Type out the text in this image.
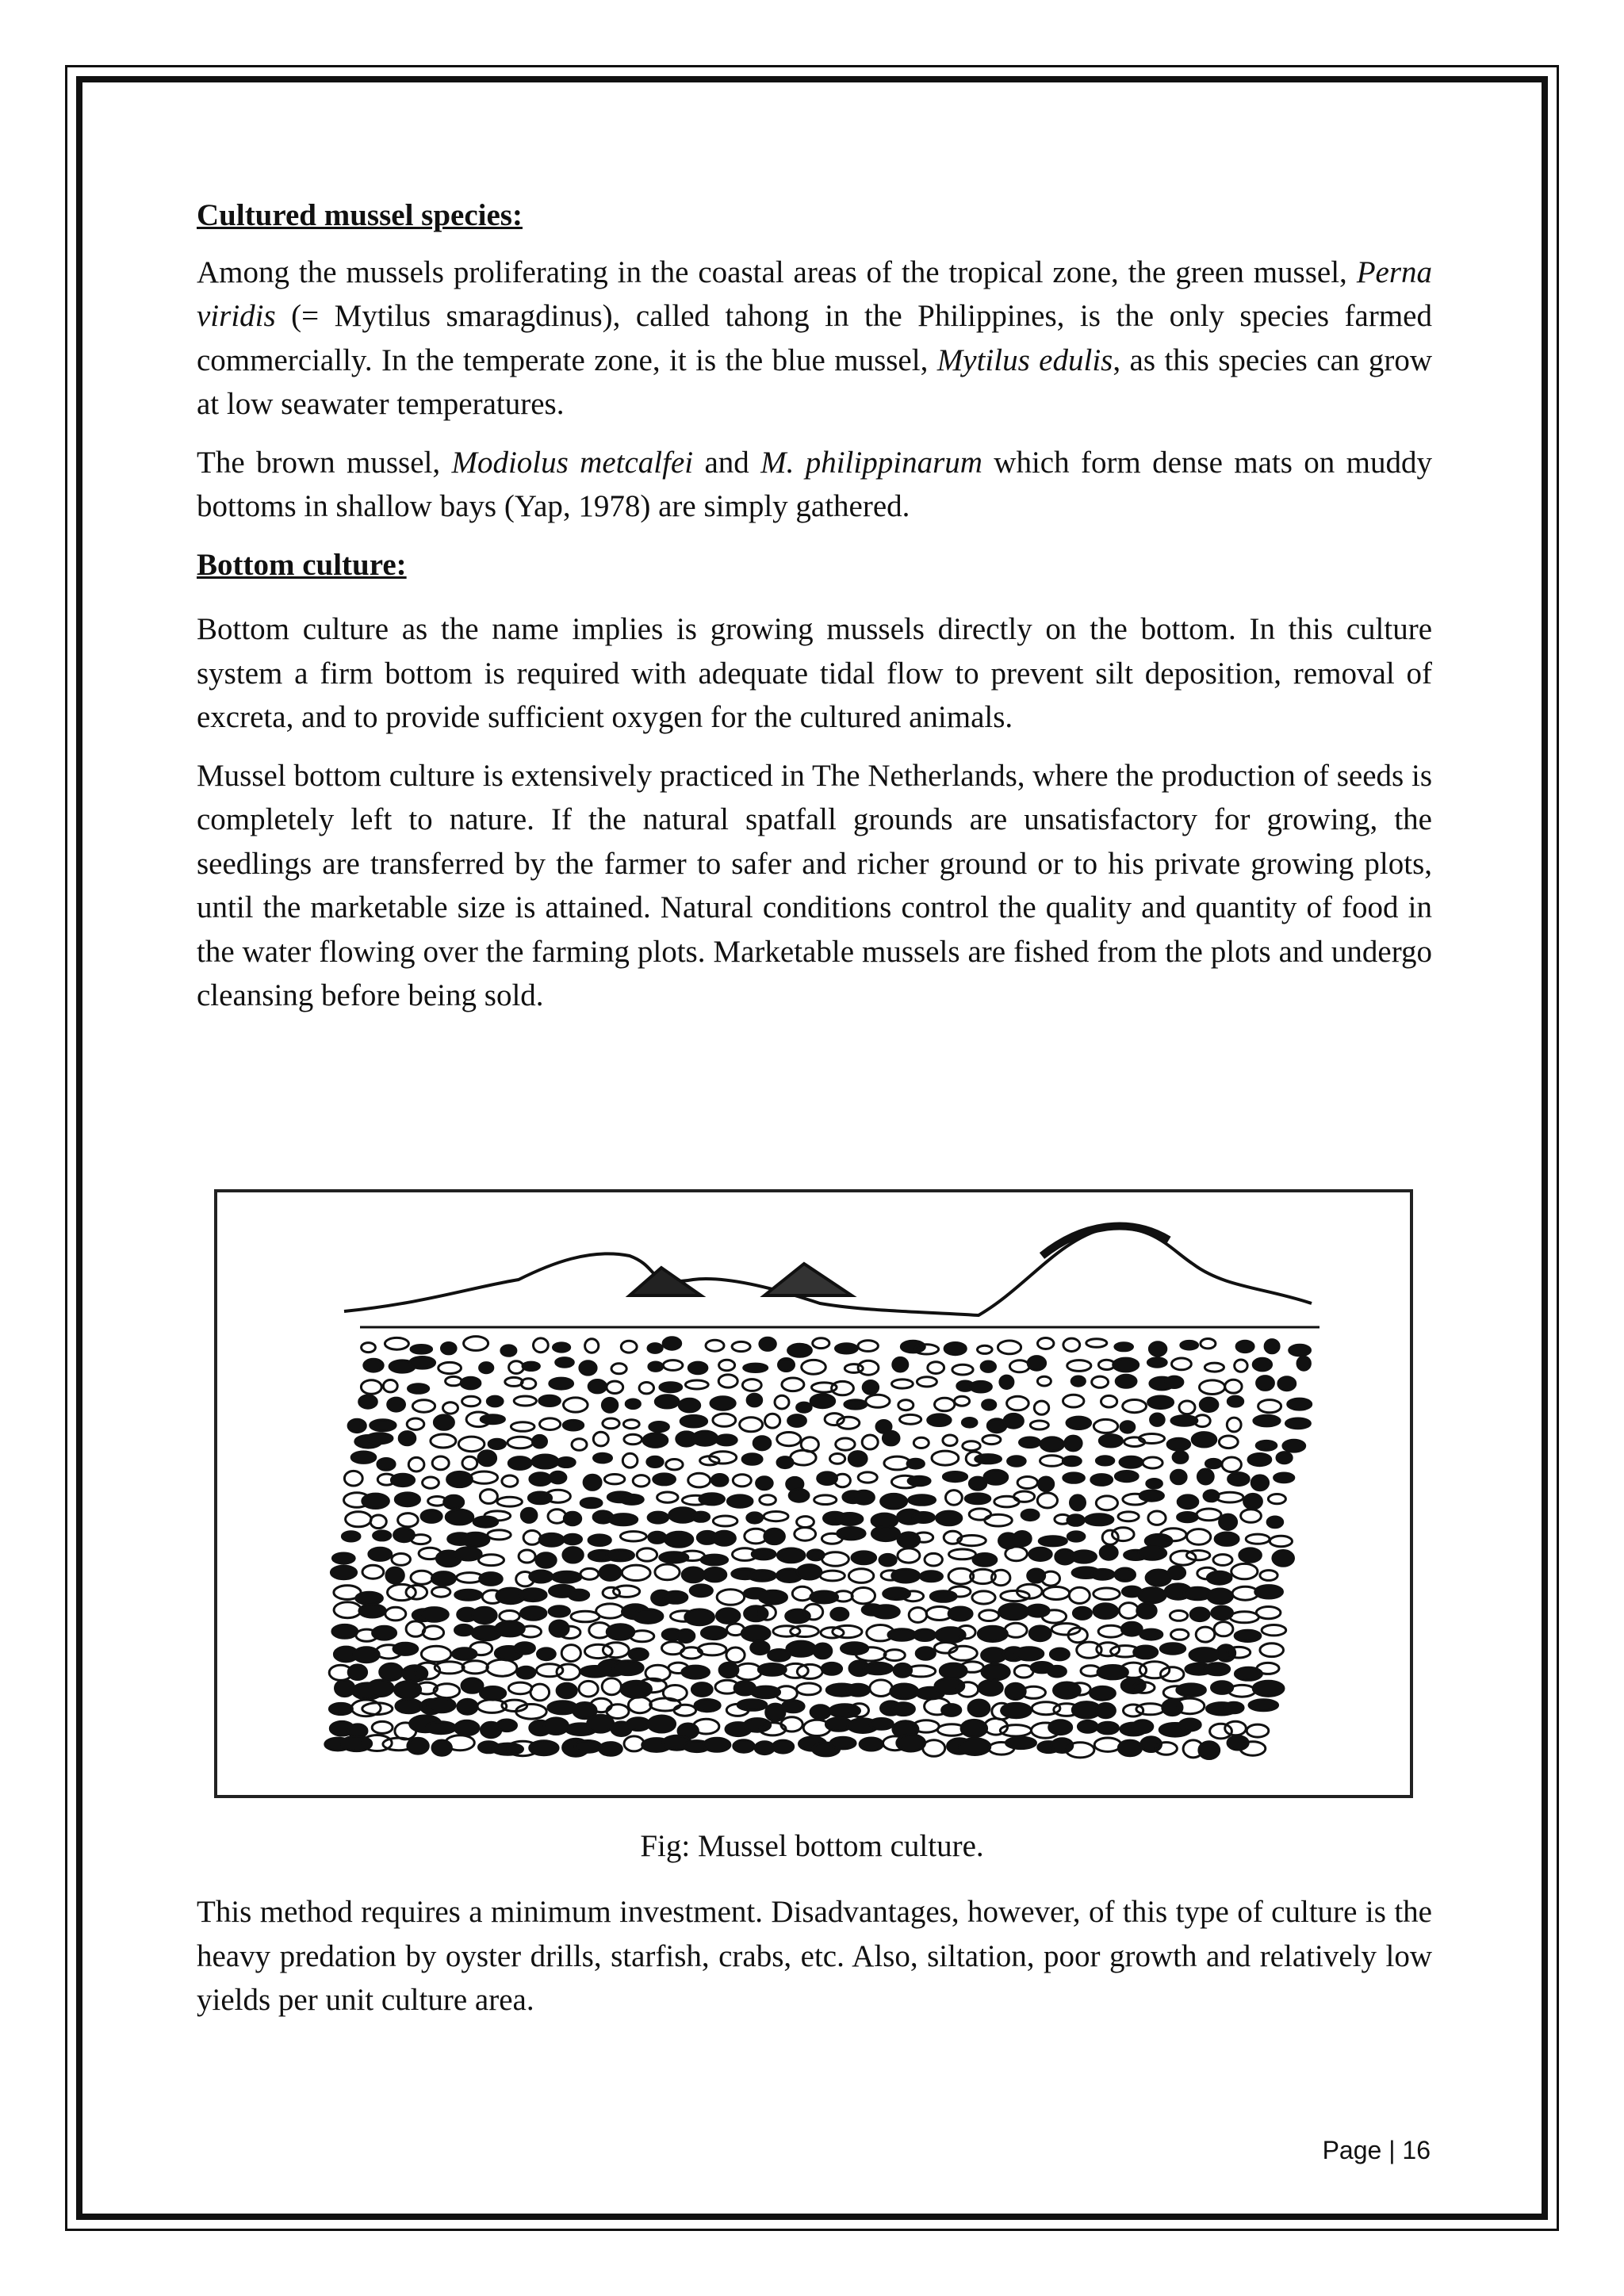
Cultured mussel species:

Among the mussels proliferating in the coastal areas of the tropical zone, the green mussel, Perna viridis (= Mytilus smaragdinus), called tahong in the Philippines, is the only species farmed commercially. In the temperate zone, it is the blue mussel, Mytilus edulis, as this species can grow at low seawater temperatures.

The brown mussel, Modiolus metcalfei and M. philippinarum which form dense mats on muddy bottoms in shallow bays (Yap, 1978) are simply gathered.

Bottom culture:

Bottom culture as the name implies is growing mussels directly on the bottom. In this culture system a firm bottom is required with adequate tidal flow to prevent silt deposition, removal of excreta, and to provide sufficient oxygen for the cultured animals.

Mussel bottom culture is extensively practiced in The Netherlands, where the production of seeds is completely left to nature. If the natural spatfall grounds are unsatisfactory for growing, the seedlings are transferred by the farmer to safer and richer ground or to his private growing plots, until the marketable size is attained. Natural conditions control the quality and quantity of food in the water flowing over the farming plots. Marketable mussels are fished from the plots and undergo cleansing before being sold.

Fig: Mussel bottom culture.

This method requires a minimum investment. Disadvantages, however, of this type of culture is the heavy predation by oyster drills, starfish, crabs, etc. Also, siltation, poor growth and relatively low yields per unit culture area.

Page | 16
